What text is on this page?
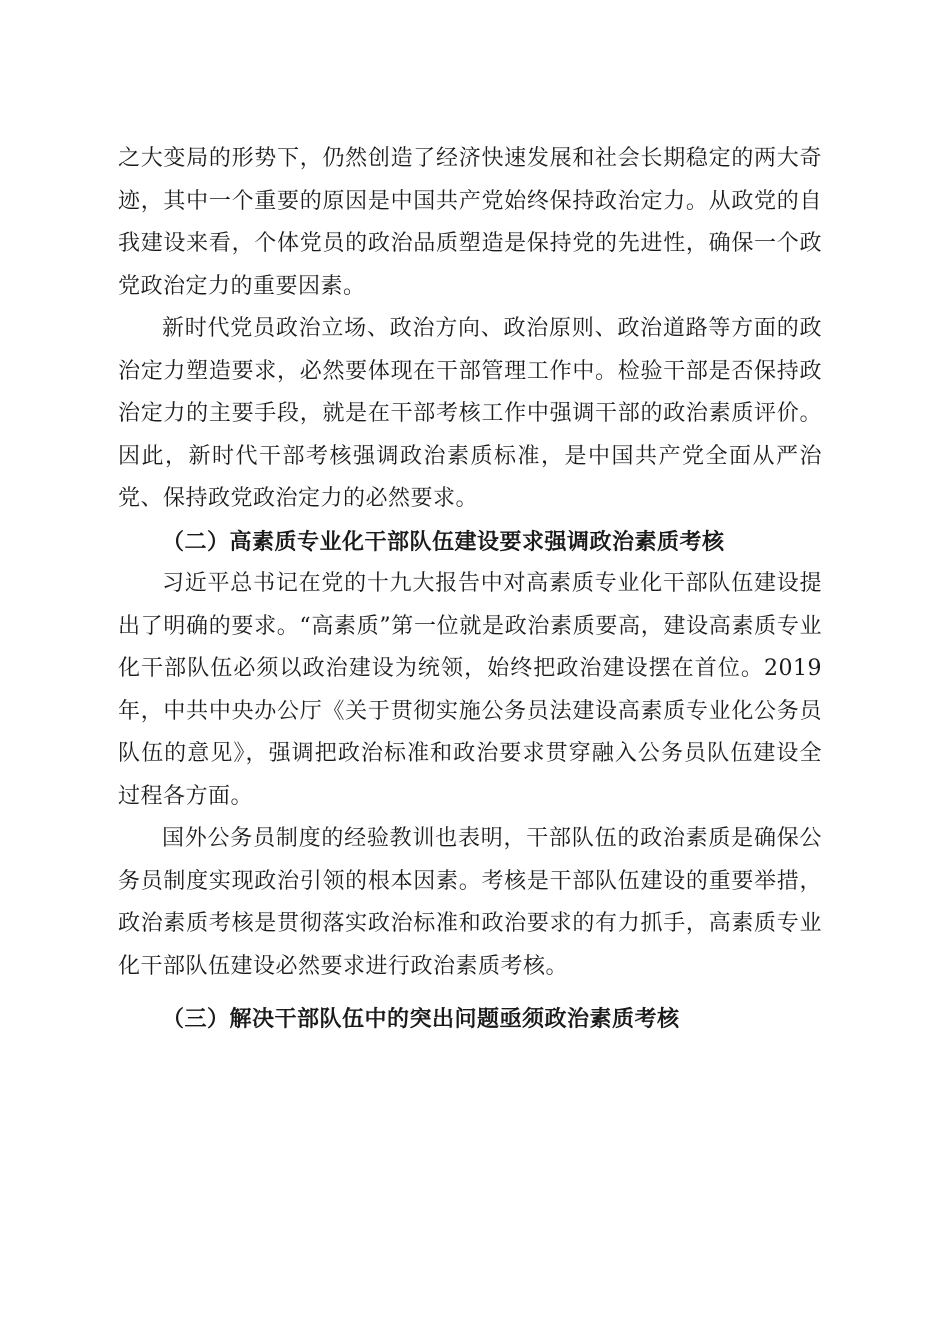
之大变局的形势下，仍然创造了经济快速发展和社会长期稳定的两大奇迹，其中一个重要的原因是中国共产党始终保持政治定力。从政党的自我建设来看，个体党员的政治品质塑造是保持党的先进性，确保一个政党政治定力的重要因素。

新时代党员政治立场、政治方向、政治原则、政治道路等方面的政治定力塑造要求，必然要体现在干部管理工作中。检验干部是否保持政治定力的主要手段，就是在干部考核工作中强调干部的政治素质评价。因此，新时代干部考核强调政治素质标准，是中国共产党全面从严治党、保持政党政治定力的必然要求。

（二）高素质专业化干部队伍建设要求强调政治素质考核

习近平总书记在党的十九大报告中对高素质专业化干部队伍建设提出了明确的要求。“高素质”第一位就是政治素质要高，建设高素质专业化干部队伍必须以政治建设为统领，始终把政治建设摆在首位。2019年，中共中央办公厅《关于贯彻实施公务员法建设高素质专业化公务员队伍的意见》，强调把政治标准和政治要求贯穿融入公务员队伍建设全过程各方面。

国外公务员制度的经验教训也表明，干部队伍的政治素质是确保公务员制度实现政治引领的根本因素。考核是干部队伍建设的重要举措，政治素质考核是贯彻落实政治标准和政治要求的有力抓手，高素质专业化干部队伍建设必然要求进行政治素质考核。

（三）解决干部队伍中的突出问题亟须政治素质考核
